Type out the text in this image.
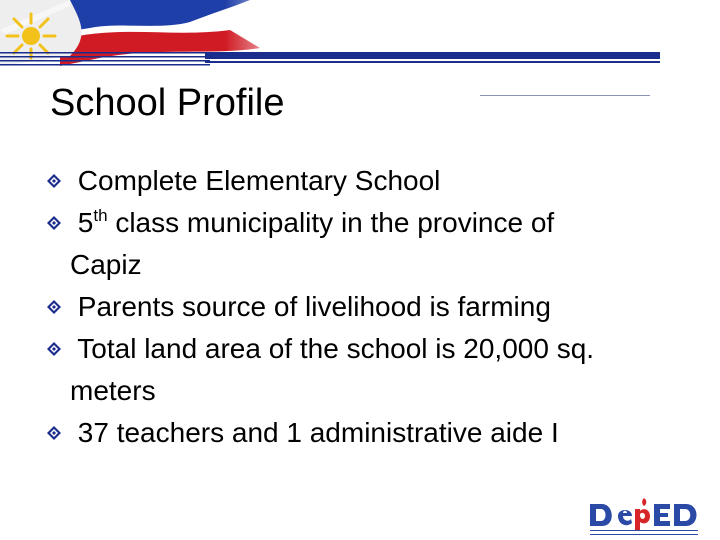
School Profile
Complete Elementary School
5th class municipality in the province of
Capiz
Parents source of livelihood is farming
Total land area of the school is 20,000 sq.
meters
37 teachers and 1 administrative aide I
